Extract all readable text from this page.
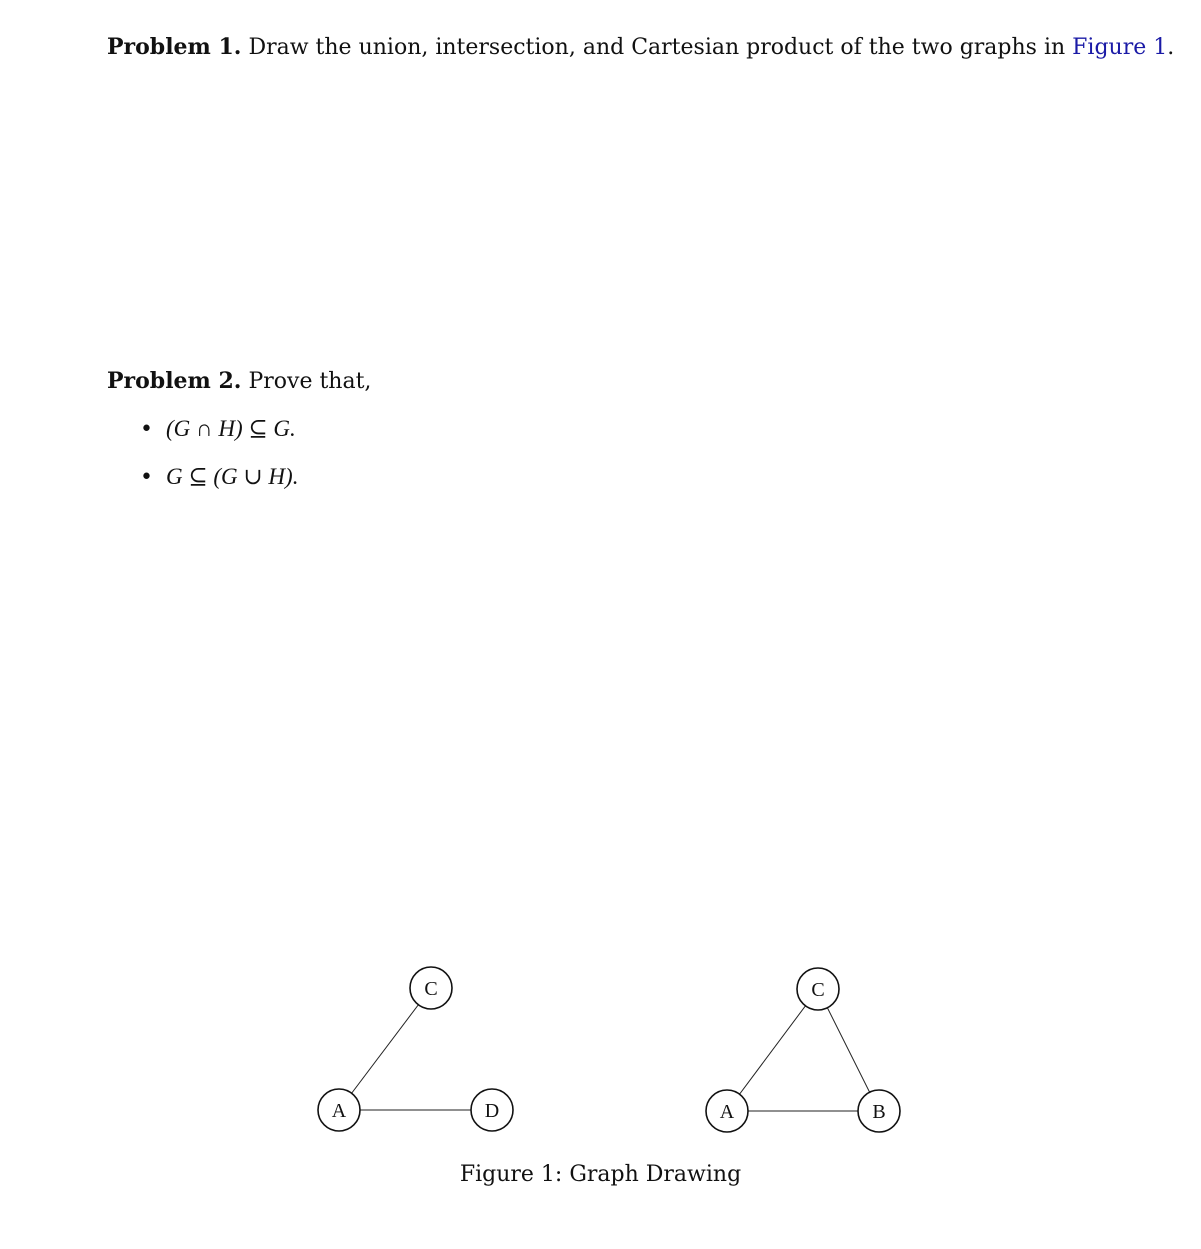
Problem 1. Draw the union, intersection, and Cartesian product of the two graphs in Figure 1.
Problem 2. Prove that,
• (G ∩ H) ⊆ G.
• G ⊆ (G ∪ H).
C
A	D
C
A	B
Figure 1: Graph Drawing
